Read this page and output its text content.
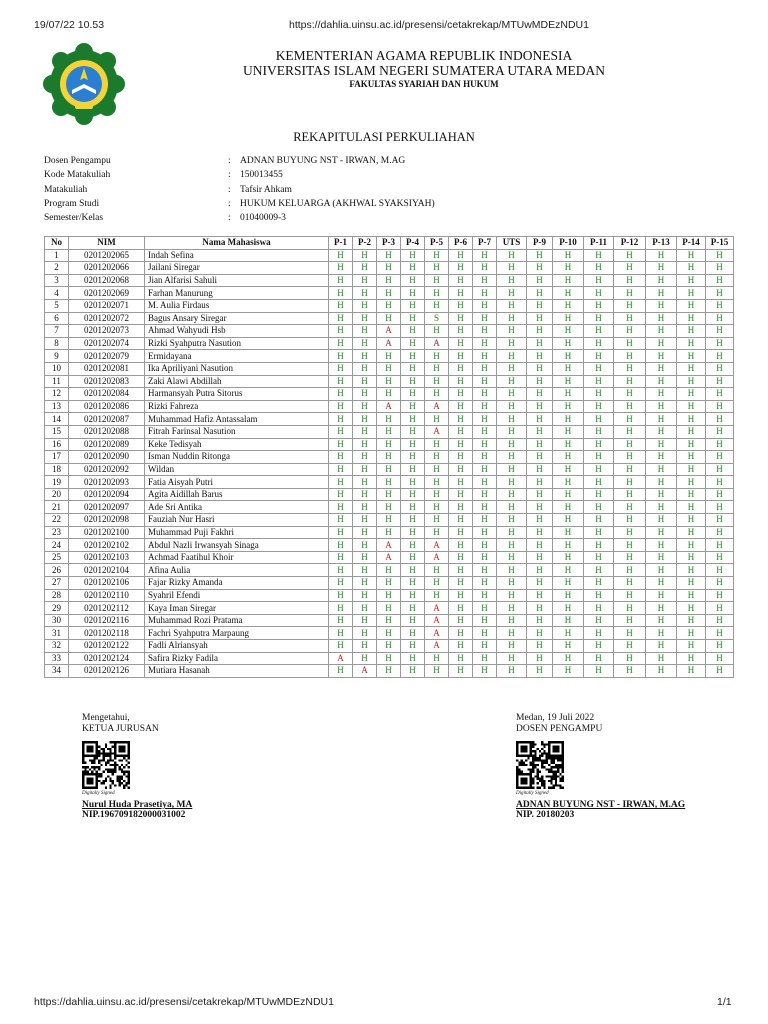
19/07/22 10.53	https://dahlia.uinsu.ac.id/presensi/cetakrekap/MTUwMDEzNDU1
KEMENTERIAN AGAMA REPUBLIK INDONESIA
UNIVERSITAS ISLAM NEGERI SUMATERA UTARA MEDAN
FAKULTAS SYARIAH DAN HUKUM
REKAPITULASI PERKULIAHAN
Dosen Pengampu	: ADNAN BUYUNG NST - IRWAN, M.AG
Kode Matakuliah	: 150013455
Matakuliah	: Tafsir Ahkam
Program Studi	: HUKUM KELUARGA (AKHWAL SYAKSIYAH)
Semester/Kelas	: 01040009-3
No	NIM	Nama Mahasiswa	P-1	P-2	P-3	P-4	P-5	P-6	P-7	UTS	P-9	P-10	P-11	P-12	P-13	P-14	P-15
1	0201202065	Indah Sefina	H	H	H	H	H	H	H	H	H	H	H	H	H	H	H
2	0201202066	Jailani Siregar	H	H	H	H	H	H	H	H	H	H	H	H	H	H	H
3	0201202068	Jian Alfarisi Sahuli	H	H	H	H	H	H	H	H	H	H	H	H	H	H	H
4	0201202069	Farhan Manurung	H	H	H	H	H	H	H	H	H	H	H	H	H	H	H
5	0201202071	M. Aulia Firdaus	H	H	H	H	H	H	H	H	H	H	H	H	H	H	H
6	0201202072	Bagus Ansary Siregar	H	H	H	H	S	H	H	H	H	H	H	H	H	H	H
7	0201202073	Ahmad Wahyudi Hsb	H	H	A	H	H	H	H	H	H	H	H	H	H	H	H
8	0201202074	Rizki Syahputra Nasution	H	H	A	H	A	H	H	H	H	H	H	H	H	H	H
9	0201202079	Ermidayana	H	H	H	H	H	H	H	H	H	H	H	H	H	H	H
10	0201202081	Ika Apriliyani Nasution	H	H	H	H	H	H	H	H	H	H	H	H	H	H	H
11	0201202083	Zaki Alawi Abdillah	H	H	H	H	H	H	H	H	H	H	H	H	H	H	H
12	0201202084	Harmansyah Putra Sitorus	H	H	H	H	H	H	H	H	H	H	H	H	H	H	H
13	0201202086	Rizki Fahreza	H	H	A	H	A	H	H	H	H	H	H	H	H	H	H
14	0201202087	Muhammad Hafiz Antassalam	H	H	H	H	H	H	H	H	H	H	H	H	H	H	H
15	0201202088	Fitrah Farinsal Nasution	H	H	H	H	A	H	H	H	H	H	H	H	H	H	H
16	0201202089	Keke Tedisyah	H	H	H	H	H	H	H	H	H	H	H	H	H	H	H
17	0201202090	Isman Nuddin Ritonga	H	H	H	H	H	H	H	H	H	H	H	H	H	H	H
18	0201202092	Wildan	H	H	H	H	H	H	H	H	H	H	H	H	H	H	H
19	0201202093	Fatia Aisyah Putri	H	H	H	H	H	H	H	H	H	H	H	H	H	H	H
20	0201202094	Agita Aidillah Barus	H	H	H	H	H	H	H	H	H	H	H	H	H	H	H
21	0201202097	Ade Sri Antika	H	H	H	H	H	H	H	H	H	H	H	H	H	H	H
22	0201202098	Fauziah Nur Hasri	H	H	H	H	H	H	H	H	H	H	H	H	H	H	H
23	0201202100	Muhammad Puji Fakhri	H	H	H	H	H	H	H	H	H	H	H	H	H	H	H
24	0201202102	Abdul Nazli Irwansyah Sinaga	H	H	A	H	A	H	H	H	H	H	H	H	H	H	H
25	0201202103	Achmad Faatihul Khoir	H	H	A	H	A	H	H	H	H	H	H	H	H	H	H
26	0201202104	Afina Aulia	H	H	H	H	H	H	H	H	H	H	H	H	H	H	H
27	0201202106	Fajar Rizky Amanda	H	H	H	H	H	H	H	H	H	H	H	H	H	H	H
28	0201202110	Syahril Efendi	H	H	H	H	H	H	H	H	H	H	H	H	H	H	H
29	0201202112	Kaya Iman Siregar	H	H	H	H	A	H	H	H	H	H	H	H	H	H	H
30	0201202116	Muhammad Rozi Pratama	H	H	H	H	A	H	H	H	H	H	H	H	H	H	H
31	0201202118	Fachri Syahputra Marpaung	H	H	H	H	A	H	H	H	H	H	H	H	H	H	H
32	0201202122	Fadli Alriansyah	H	H	H	H	A	H	H	H	H	H	H	H	H	H	H
33	0201202124	Safira Rizky Fadila	A	H	H	H	H	H	H	H	H	H	H	H	H	H	H
34	0201202126	Mutiara Hasanah	H	A	H	H	H	H	H	H	H	H	H	H	H	H	H
Mengetahui,
KETUA JURUSAN
Digitally Signed
Nurul Huda Prasetiya, MA
NIP.196709182000031002
Medan, 19 Juli 2022
DOSEN PENGAMPU
Digitally Signed
ADNAN BUYUNG NST - IRWAN, M.AG
NIP. 20180203
https://dahlia.uinsu.ac.id/presensi/cetakrekap/MTUwMDEzNDU1	1/1
